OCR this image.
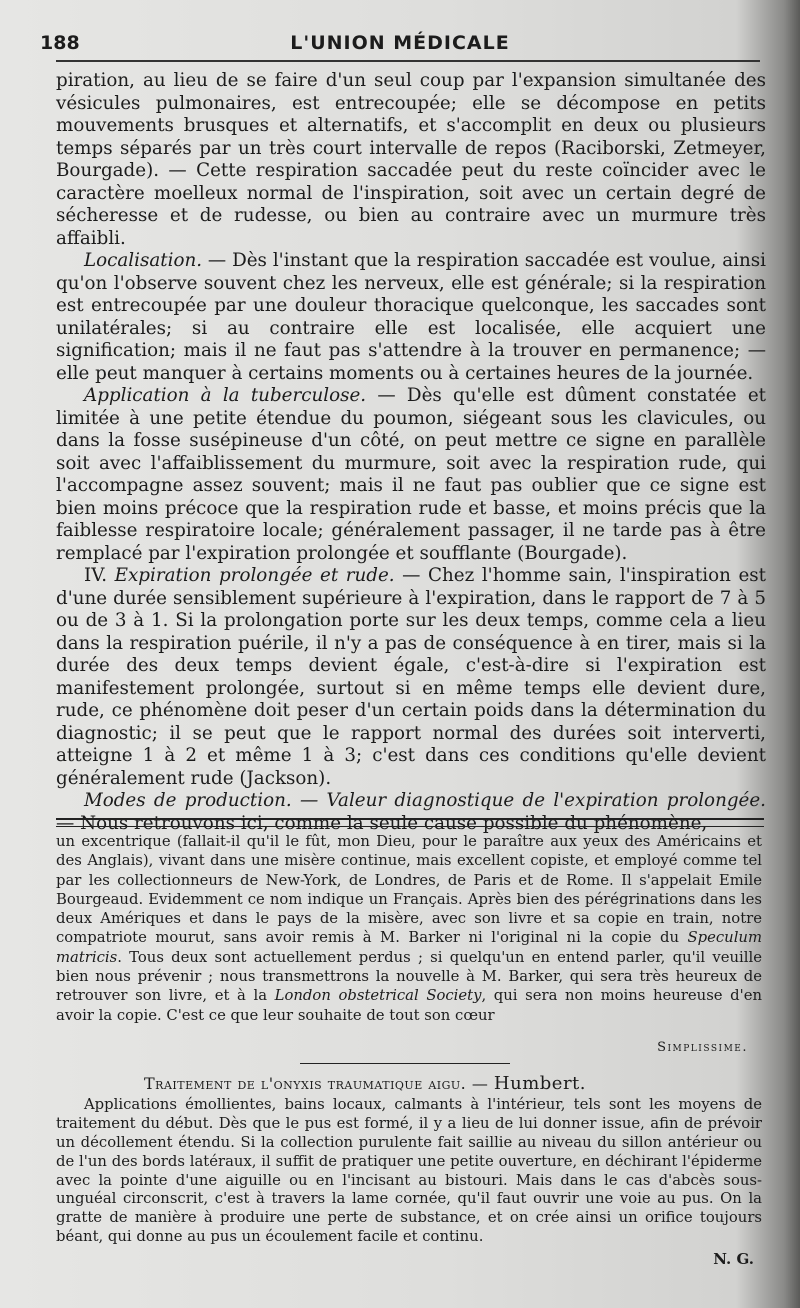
188	L'UNION MÉDICALE

piration, au lieu de se faire d'un seul coup par l'expansion simultanée des vésicules pulmonaires, est entrecoupée; elle se décompose en petits mouvements brusques et alternatifs, et s'accomplit en deux ou plusieurs temps séparés par un très court intervalle de repos (Raciborski, Zetmeyer, Bourgade). — Cette respiration saccadée peut du reste coïncider avec le caractère moelleux normal de l'inspiration, soit avec un certain degré de sécheresse et de rudesse, ou bien au contraire avec un murmure très affaibli.

Localisation. — Dès l'instant que la respiration saccadée est voulue, ainsi qu'on l'observe souvent chez les nerveux, elle est générale; si la respiration est entrecoupée par une douleur thoracique quelconque, les saccades sont unilatérales; si au contraire elle est localisée, elle acquiert une signification; mais il ne faut pas s'attendre à la trouver en permanence; — elle peut manquer à certains moments ou à certaines heures de la journée.

Application à la tuberculose. — Dès qu'elle est dûment constatée et limitée à une petite étendue du poumon, siégeant sous les clavicules, ou dans la fosse susépineuse d'un côté, on peut mettre ce signe en parallèle soit avec l'affaiblissement du murmure, soit avec la respiration rude, qui l'accompagne assez souvent; mais il ne faut pas oublier que ce signe est bien moins précoce que la respiration rude et basse, et moins précis que la faiblesse respiratoire locale; généralement passager, il ne tarde pas à être remplacé par l'expiration prolongée et soufflante (Bourgade).

IV. Expiration prolongée et rude. — Chez l'homme sain, l'inspiration est d'une durée sensiblement supérieure à l'expiration, dans le rapport de 7 à 5 ou de 3 à 1. Si la prolongation porte sur les deux temps, comme cela a lieu dans la respiration puérile, il n'y a pas de conséquence à en tirer, mais si la durée des deux temps devient égale, c'est-à-dire si l'expiration est manifestement prolongée, surtout si en même temps elle devient dure, rude, ce phénomène doit peser d'un certain poids dans la détermination du diagnostic; il se peut que le rapport normal des durées soit interverti, atteigne 1 à 2 et même 1 à 3; c'est dans ces conditions qu'elle devient généralement rude (Jackson).

Modes de production. — Valeur diagnostique de l'expiration prolongée. — Nous retrouvons ici, comme la seule cause possible du phénomène,

un excentrique (fallait-il qu'il le fût, mon Dieu, pour le paraître aux yeux des Américains et des Anglais), vivant dans une misère continue, mais excellent copiste, et employé comme tel par les collectionneurs de New-York, de Londres, de Paris et de Rome. Il s'appelait Emile Bourgeaud. Evidemment ce nom indique un Français. Après bien des pérégrinations dans les deux Amériques et dans le pays de la misère, avec son livre et sa copie en train, notre compatriote mourut, sans avoir remis à M. Barker ni l'original ni la copie du Speculum matricis. Tous deux sont actuellement perdus ; si quelqu'un en entend parler, qu'il veuille bien nous prévenir ; nous transmettrons la nouvelle à M. Barker, qui sera très heureux de retrouver son livre, et à la London obstetrical Society, qui sera non moins heureuse d'en avoir la copie. C'est ce que leur souhaite de tout son cœur

Simplissime.

Traitement de l'onyxis traumatique aigu. — Humbert.

Applications émollientes, bains locaux, calmants à l'intérieur, tels sont les moyens de traitement du début. Dès que le pus est formé, il y a lieu de lui donner issue, afin de prévoir un décollement étendu. Si la collection purulente fait saillie au niveau du sillon antérieur ou de l'un des bords latéraux, il suffit de pratiquer une petite ouverture, en déchirant l'épiderme avec la pointe d'une aiguille ou en l'incisant au bistouri. Mais dans le cas d'abcès sous-unguéal circonscrit, c'est à travers la lame cornée, qu'il faut ouvrir une voie au pus. On la gratte de manière à produire une perte de substance, et on crée ainsi un orifice toujours béant, qui donne au pus un écoulement facile et continu.

N. G.
